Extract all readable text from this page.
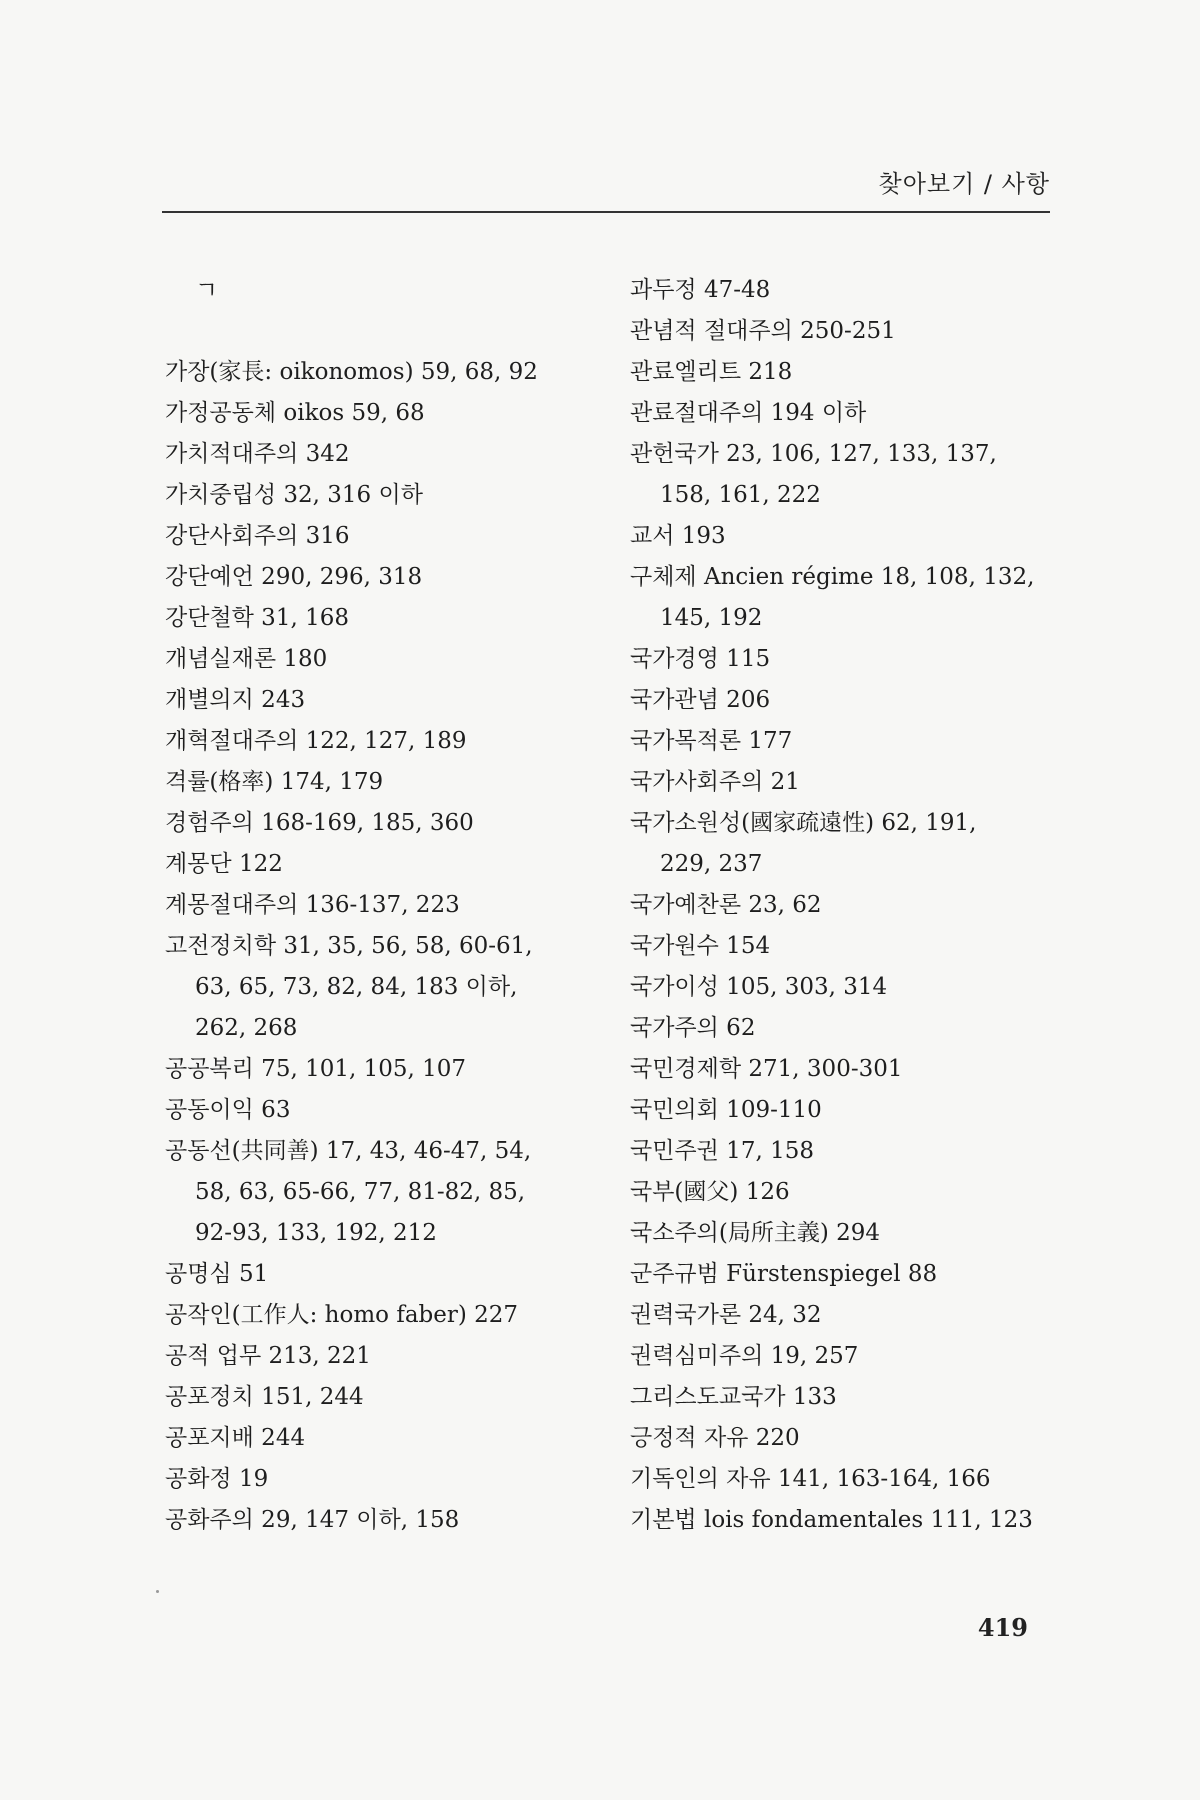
찾아보기 / 사항
ㄱ
가장(家長: oikonomos) 59, 68, 92
가정공동체 oikos 59, 68
가치적대주의 342
가치중립성 32, 316 이하
강단사회주의 316
강단예언 290, 296, 318
강단철학 31, 168
개념실재론 180
개별의지 243
개혁절대주의 122, 127, 189
격률(格率) 174, 179
경험주의 168-169, 185, 360
계몽단 122
계몽절대주의 136-137, 223
고전정치학 31, 35, 56, 58, 60-61,
63, 65, 73, 82, 84, 183 이하,
262, 268
공공복리 75, 101, 105, 107
공동이익 63
공동선(共同善) 17, 43, 46-47, 54,
58, 63, 65-66, 77, 81-82, 85,
92-93, 133, 192, 212
공명심 51
공작인(工作人: homo faber) 227
공적 업무 213, 221
공포정치 151, 244
공포지배 244
공화정 19
공화주의 29, 147 이하, 158
과두정 47-48
관념적 절대주의 250-251
관료엘리트 218
관료절대주의 194 이하
관헌국가 23, 106, 127, 133, 137,
158, 161, 222
교서 193
구체제 Ancien régime 18, 108, 132,
145, 192
국가경영 115
국가관념 206
국가목적론 177
국가사회주의 21
국가소원성(國家疏遠性) 62, 191,
229, 237
국가예찬론 23, 62
국가원수 154
국가이성 105, 303, 314
국가주의 62
국민경제학 271, 300-301
국민의회 109-110
국민주권 17, 158
국부(國父) 126
국소주의(局所主義) 294
군주규범 Fürstenspiegel 88
권력국가론 24, 32
권력심미주의 19, 257
그리스도교국가 133
긍정적 자유 220
기독인의 자유 141, 163-164, 166
기본법 lois fondamentales 111, 123
419
